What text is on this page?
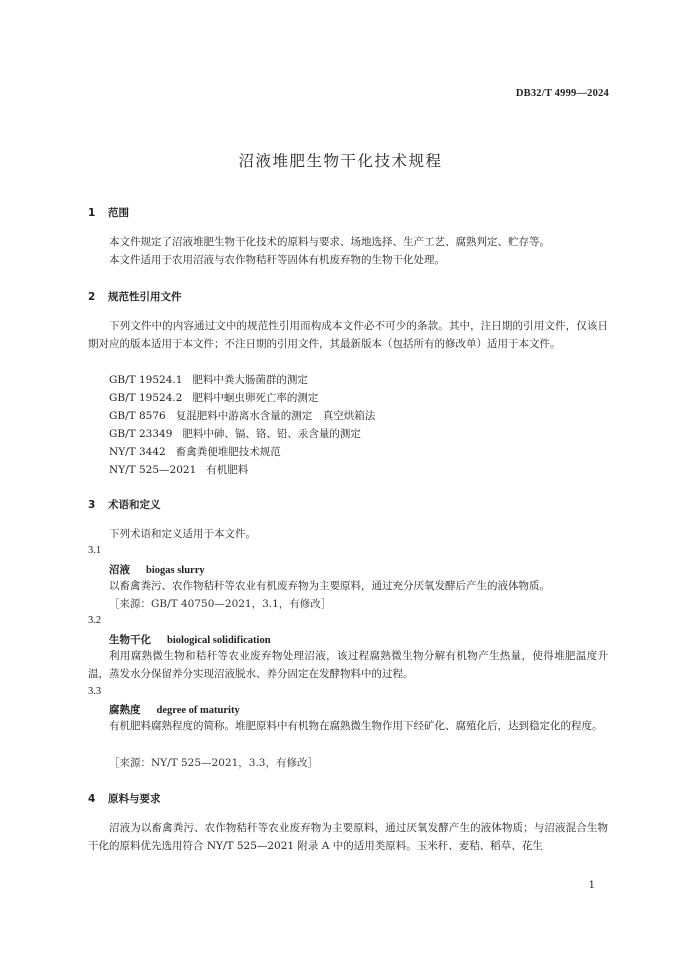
DB32/T 4999—2024
沼液堆肥生物干化技术规程
1 范围
本文件规定了沼液堆肥生物干化技术的原料与要求、场地选择、生产工艺、腐熟判定、贮存等。
本文件适用于农用沼液与农作物秸秆等固体有机废弃物的生物干化处理。
2 规范性引用文件
下列文件中的内容通过文中的规范性引用而构成本文件必不可少的条款。其中，注日期的引用文件，仅该日期对应的版本适用于本文件；不注日期的引用文件，其最新版本（包括所有的修改单）适用于本文件。
GB/T 19524.1 肥料中粪大肠菌群的测定
GB/T 19524.2 肥料中蛔虫卵死亡率的测定
GB/T 8576 复混肥料中游离水含量的测定　真空烘箱法
GB/T 23349 肥料中砷、镉、铬、铅、汞含量的测定
NY/T 3442 畜禽粪便堆肥技术规范
NY/T 525—2021 有机肥料
3 术语和定义
下列术语和定义适用于本文件。
3.1
沼液 biogas slurry
以畜禽粪污、农作物秸秆等农业有机废弃物为主要原料，通过充分厌氧发酵后产生的液体物质。
［来源：GB/T 40750—2021，3.1，有修改］
3.2
生物干化 biological solidification
利用腐熟微生物和秸秆等农业废弃物处理沼液，该过程腐熟微生物分解有机物产生热量，使得堆肥温度升温，蒸发水分保留养分实现沼液脱水、养分固定在发酵物料中的过程。
3.3
腐熟度 degree of maturity
有机肥料腐熟程度的简称。堆肥原料中有机物在腐熟微生物作用下经矿化、腐殖化后，达到稳定化的程度。
［来源：NY/T 525—2021，3.3，有修改］
4 原料与要求
沼液为以畜禽粪污、农作物秸秆等农业废弃物为主要原料，通过厌氧发酵产生的液体物质；与沼液混合生物干化的原料优先选用符合 NY/T 525—2021 附录 A 中的适用类原料。玉米秆、麦秸、稻草、花生
1
